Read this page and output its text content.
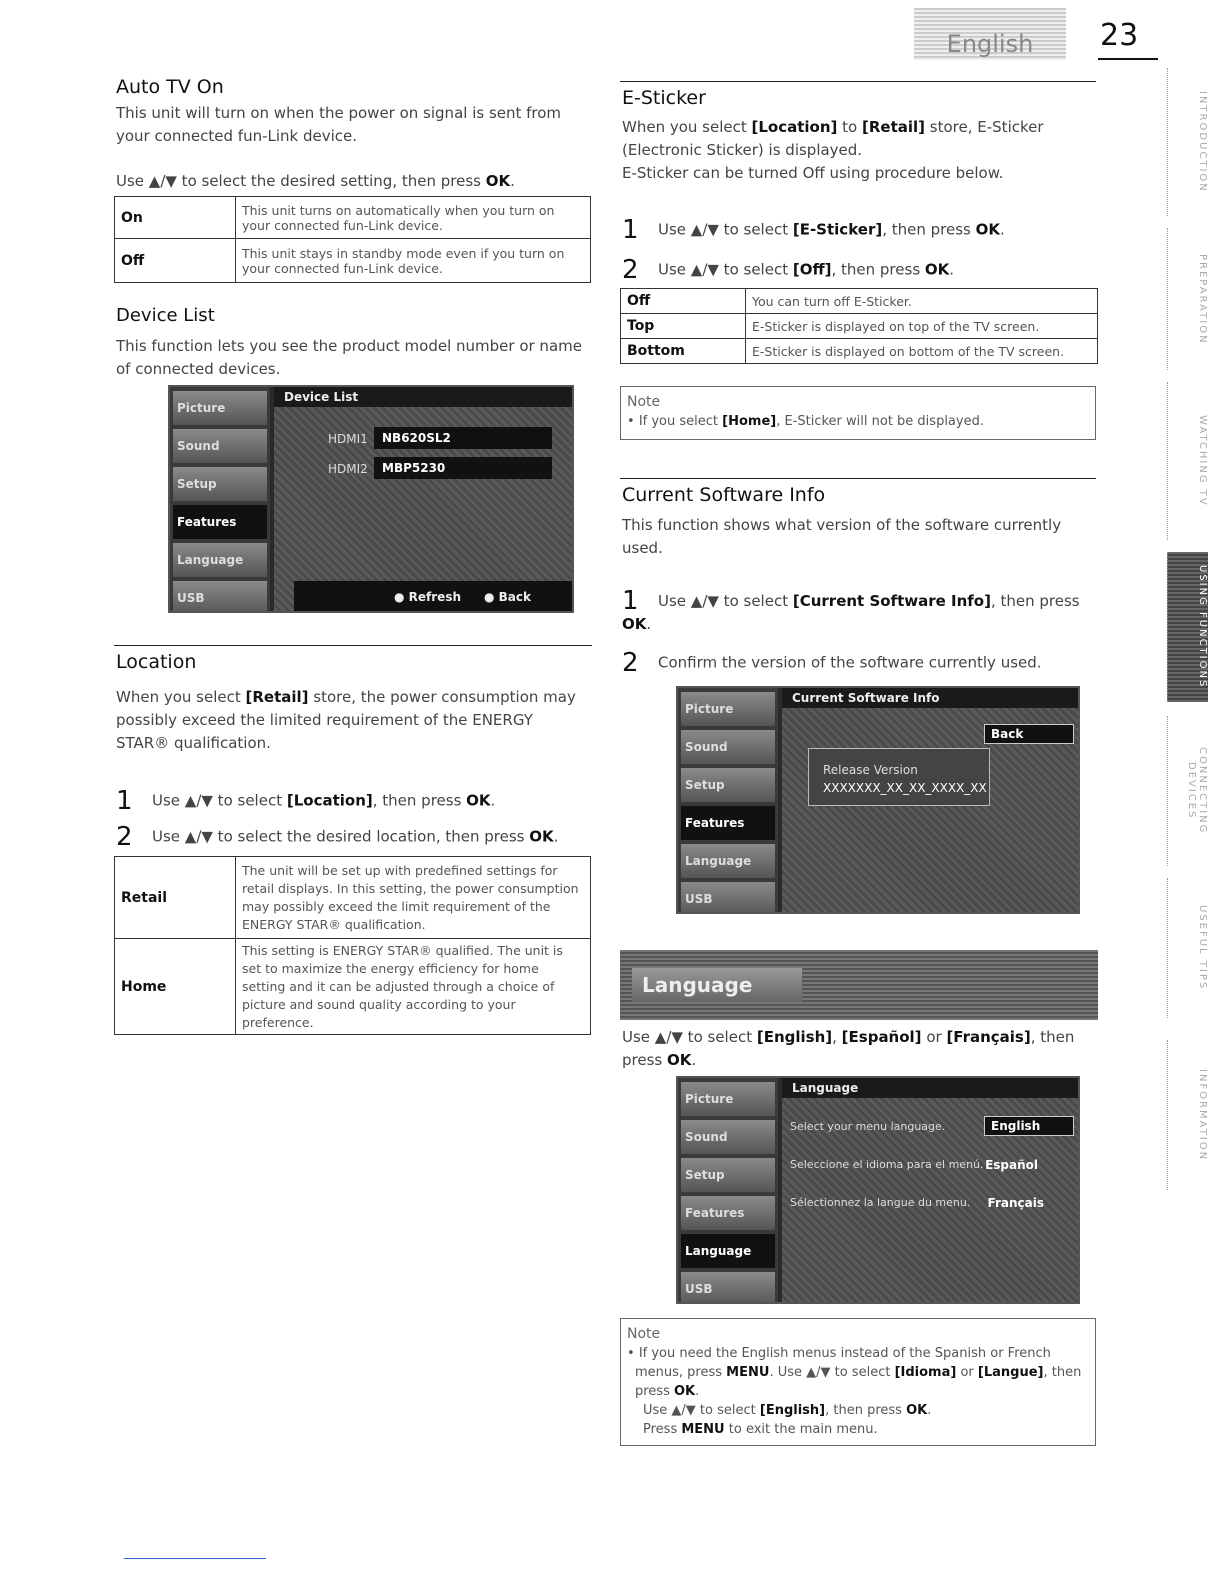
English	23
INTRODUCTION
PREPARATION
WATCHING TV
USING FUNCTIONS
CONNECTING DEVICES
USEFUL TIPS
INFORMATION
Auto TV On
This unit will turn on when the power on signal is sent from your connected fun-Link device.
Use ▲/▼ to select the desired setting, then press OK.
On	This unit turns on automatically when you turn on your connected fun-Link device.
Off	This unit stays in standby mode even if you turn on your connected fun-Link device.
Device List
This function lets you see the product model number or name of connected devices.
Picture
Sound
Setup
Features
Language
USB
Device List
HDMI1	NB620SL2
HDMI2	MBP5230
● Refresh ● Back
Location
When you select [Retail] store, the power consumption may possibly exceed the limited requirement of the ENERGY STAR® qualification.
1 Use ▲/▼ to select [Location], then press OK.
2 Use ▲/▼ to select the desired location, then press OK.
Retail	The unit will be set up with predefined settings for retail displays. In this setting, the power consumption may possibly exceed the limit requirement of the ENERGY STAR® qualification.
Home	This setting is ENERGY STAR® qualified. The unit is set to maximize the energy efficiency for home setting and it can be adjusted through a choice of picture and sound quality according to your preference.
E-Sticker
When you select [Location] to [Retail] store, E-Sticker (Electronic Sticker) is displayed.
E-Sticker can be turned Off using procedure below.
1 Use ▲/▼ to select [E-Sticker], then press OK.
2 Use ▲/▼ to select [Off], then press OK.
Off	You can turn off E-Sticker.
Top	E-Sticker is displayed on top of the TV screen.
Bottom	E-Sticker is displayed on bottom of the TV screen.
Note
• If you select [Home], E-Sticker will not be displayed.
Current Software Info
This function shows what version of the software currently used.
1 Use ▲/▼ to select [Current Software Info], then press OK.
2 Confirm the version of the software currently used.
Picture
Sound
Setup
Features
Language
USB
Current Software Info
Back
Release Version
XXXXXXX_XX_XX_XXXX_XX
Language
Use ▲/▼ to select [English], [Español] or [Français], then press OK.
Picture
Sound
Setup
Features
Language
USB
Language
Select your menu language.	English
Seleccione el idioma para el menú. Español
Sélectionnez la langue du menu. Français
Note
• If you need the English menus instead of the Spanish or French menus, press MENU. Use ▲/▼ to select [Idioma] or [Langue], then press OK.
Use ▲/▼ to select [English], then press OK.
Press MENU to exit the main menu.
